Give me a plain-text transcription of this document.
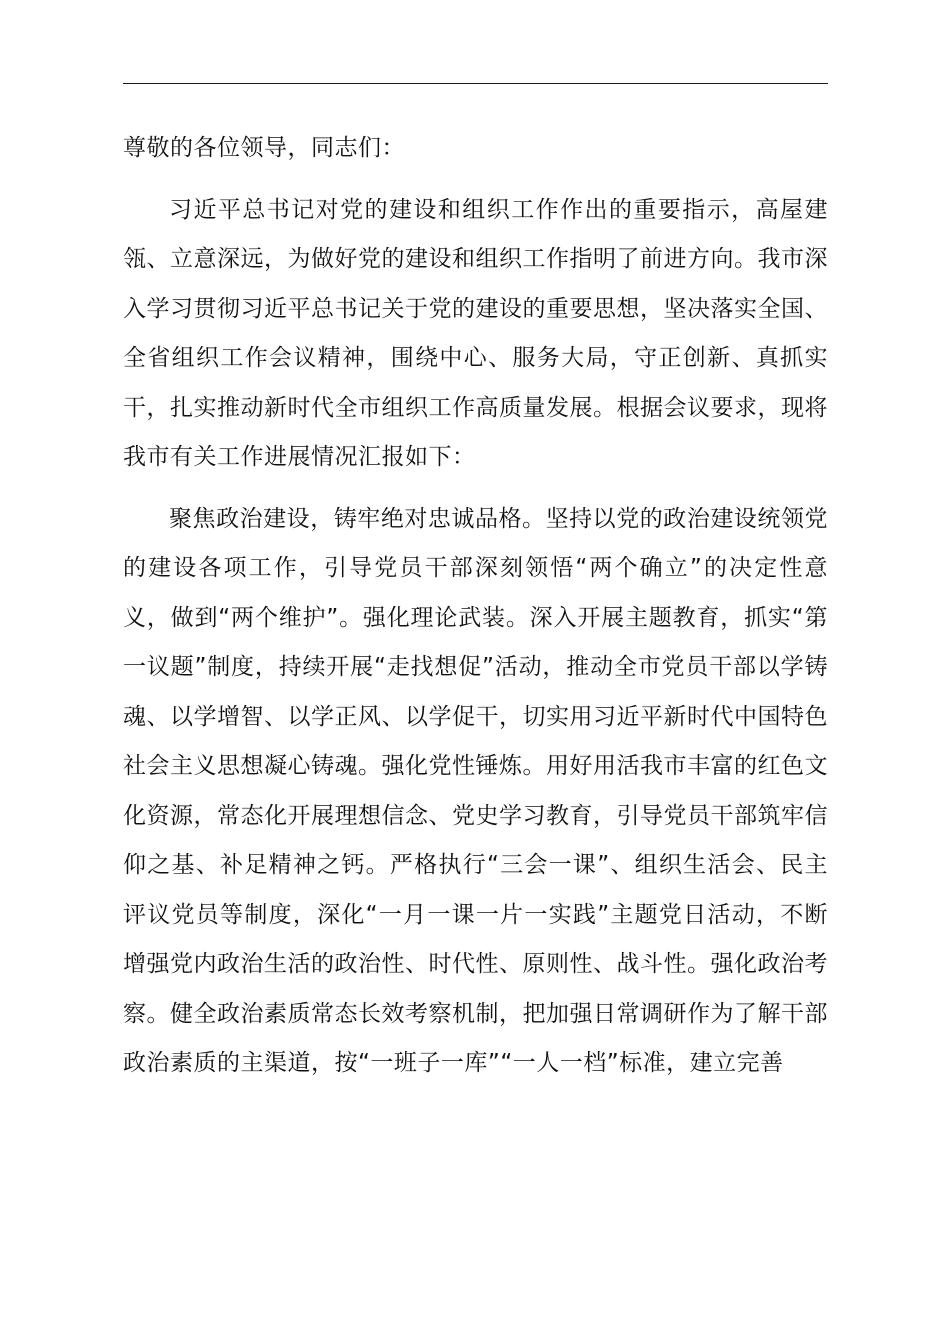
尊敬的各位领导，同志们：

习近平总书记对党的建设和组织工作作出的重要指示，高屋建瓴、立意深远，为做好党的建设和组织工作指明了前进方向。我市深入学习贯彻习近平总书记关于党的建设的重要思想，坚决落实全国、全省组织工作会议精神，围绕中心、服务大局，守正创新、真抓实干，扎实推动新时代全市组织工作高质量发展。根据会议要求，现将我市有关工作进展情况汇报如下：

聚焦政治建设，铸牢绝对忠诚品格。坚持以党的政治建设统领党的建设各项工作，引导党员干部深刻领悟“两个确立”的决定性意义，做到“两个维护”。强化理论武装。深入开展主题教育，抓实“第一议题”制度，持续开展“走找想促”活动，推动全市党员干部以学铸魂、以学增智、以学正风、以学促干，切实用习近平新时代中国特色社会主义思想凝心铸魂。强化党性锤炼。用好用活我市丰富的红色文化资源，常态化开展理想信念、党史学习教育，引导党员干部筑牢信仰之基、补足精神之钙。严格执行“三会一课”、组织生活会、民主评议党员等制度，深化“一月一课一片一实践”主题党日活动，不断增强党内政治生活的政治性、时代性、原则性、战斗性。强化政治考察。健全政治素质常态长效考察机制，把加强日常调研作为了解干部政治素质的主渠道，按“一班子一库”“一人一档”标准，建立完善
